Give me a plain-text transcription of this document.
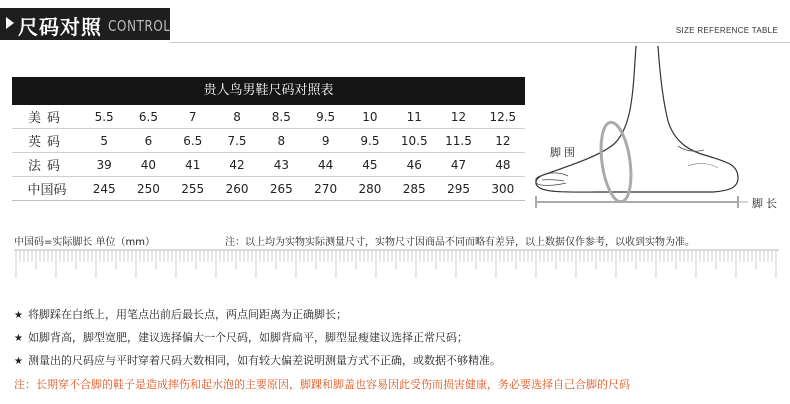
尺码对照 CONTROL	SIZE REFERENCE TABLE
贵人鸟男鞋尺码对照表
美码	5.5	6.5	7	8	8.5	9.5	10	11	12	12.5
英码	5	6	6.5	7.5	8	9	9.5	10.5	11.5	12
法码	39	40	41	42	43	44	45	46	47	48
中国码	245	250	255	260	265	270	280	285	295	300
脚围
脚长
中国码=实际脚长 单位（mm）	注：以上均为实物实际测量尺寸，实物尺寸因商品不同而略有差异，以上数据仅作参考，以收到实物为准。
★ 将脚踩在白纸上，用笔点出前后最长点，两点间距离为正确脚长；
★ 如脚背高，脚型宽肥，建议选择偏大一个尺码，如脚背扁平，脚型显瘦建议选择正常尺码；
★ 测量出的尺码应与平时穿着尺码大数相同，如有较大偏差说明测量方式不正确，或数据不够精准。
注：长期穿不合脚的鞋子是造成摔伤和起水泡的主要原因，脚踝和脚盖也容易因此受伤而损害健康，务必要选择自己合脚的尺码
